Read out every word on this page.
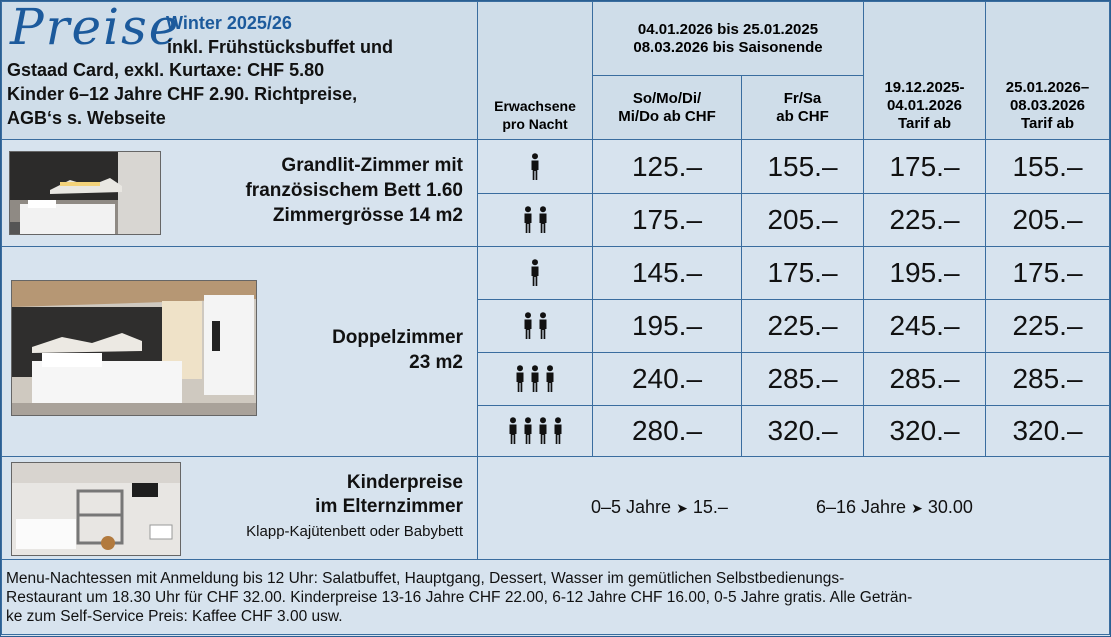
Preise
Winter 2025/26
inkl. Frühstücksbuffet und
Gstaad Card, exkl. Kurtaxe: CHF 5.80
Kinder 6–12 Jahre CHF 2.90. Richtpreise,
AGB‘s s. Webseite
Erwachsene
pro Nacht
04.01.2026 bis 25.01.2025
08.03.2026 bis Saisonende
So/Mo/Di/
Mi/Do ab CHF
Fr/Sa
ab CHF
19.12.2025-
04.01.2026
Tarif ab
25.01.2026–
08.03.2026
Tarif ab
Grandlit-Zimmer mit
französischem Bett 1.60
Zimmergrösse 14 m2
Doppelzimmer
23 m2
125.–	155.–	175.–	155.–
175.–	205.–	225.–	205.–
145.–	175.–	195.–	175.–
195.–	225.–	245.–	225.–
240.–	285.–	285.–	285.–
280.–	320.–	320.–	320.–
Kinderpreise
im Elternzimmer
Klapp-Kajütenbett oder Babybett
0–5 Jahre ➤ 15.–	6–16 Jahre ➤ 30.00
Menu-Nachtessen mit Anmeldung bis 12 Uhr: Salatbuffet, Hauptgang, Dessert, Wasser im gemütlichen Selbstbedienungs-
Restaurant um 18.30 Uhr für CHF 32.00. Kinderpreise 13-16 Jahre CHF 22.00, 6-12 Jahre CHF 16.00, 0-5 Jahre gratis. Alle Geträn-
ke zum Self-Service Preis: Kaffee CHF 3.00 usw.
